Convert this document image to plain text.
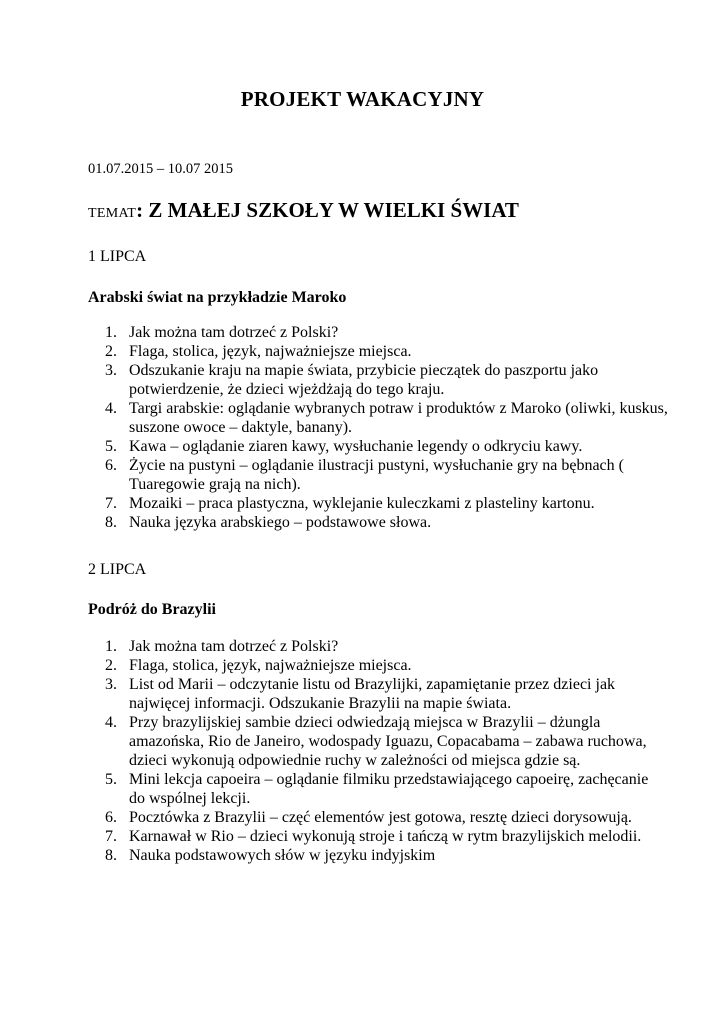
PROJEKT WAKACYJNY
01.07.2015 – 10.07 2015
TEMAT: Z MAŁEJ SZKOŁY W WIELKI ŚWIAT
1 LIPCA
Arabski świat na przykładzie Maroko
1. Jak można tam dotrzeć z Polski?
2. Flaga, stolica, język, najważniejsze miejsca.
3. Odszukanie kraju na mapie świata, przybicie pieczątek do paszportu jako potwierdzenie, że dzieci wjeżdżają do tego kraju.
4. Targi arabskie: oglądanie wybranych potraw i produktów z Maroko (oliwki, kuskus, suszone owoce – daktyle, banany).
5. Kawa – oglądanie ziaren kawy, wysłuchanie legendy o odkryciu kawy.
6. Życie na pustyni – oglądanie ilustracji pustyni, wysłuchanie gry na bębnach ( Tuaregowie grają na nich).
7. Mozaiki – praca plastyczna, wyklejanie kuleczkami z plasteliny kartonu.
8. Nauka języka arabskiego – podstawowe słowa.
2 LIPCA
Podróż do Brazylii
1. Jak można tam dotrzeć z Polski?
2. Flaga, stolica, język, najważniejsze miejsca.
3. List od Marii – odczytanie listu od Brazylijki, zapamiętanie przez dzieci jak najwięcej informacji. Odszukanie Brazylii na mapie świata.
4. Przy brazylijskiej sambie dzieci odwiedzają miejsca w Brazylii – dżungla amazońska, Rio de Janeiro, wodospady Iguazu, Copacabama – zabawa ruchowa, dzieci wykonują odpowiednie ruchy w zależności od miejsca gdzie są.
5. Mini lekcja capoeira – oglądanie filmiku przedstawiającego capoeirę, zachęcanie do wspólnej lekcji.
6. Pocztówka z Brazylii – częć elementów jest gotowa, resztę dzieci dorysowują.
7. Karnawał w Rio – dzieci wykonują stroje i tańczą w rytm brazylijskich melodii.
8. Nauka podstawowych słów w języku indyjskim
